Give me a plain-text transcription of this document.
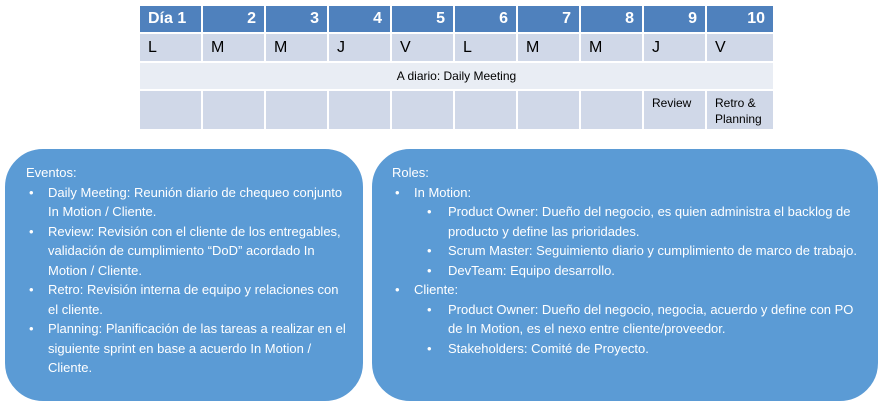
Día 1	2	3	4	5	6	7	8	9	10
L	M	M	J	V	L	M	M	J	V
A diario: Daily Meeting									
								Review	Retro & Planning
Eventos:
• Daily Meeting: Reunión diario de chequeo conjunto In Motion / Cliente.
• Review: Revisión con el cliente de los entregables, validación de cumplimiento “DoD” acordado In Motion / Cliente.
• Retro: Revisión interna de equipo y relaciones con el cliente.
• Planning: Planificación de las tareas a realizar en el siguiente sprint en base a acuerdo In Motion / Cliente.
Roles:
• In Motion:
• Product Owner: Dueño del negocio, es quien administra el backlog de producto y define las prioridades.
• Scrum Master: Seguimiento diario y cumplimiento de marco de trabajo.
• DevTeam: Equipo desarrollo.
• Cliente:
• Product Owner: Dueño del negocio, negocia, acuerdo y define con PO de In Motion, es el nexo entre cliente/proveedor.
• Stakeholders: Comité de Proyecto.
